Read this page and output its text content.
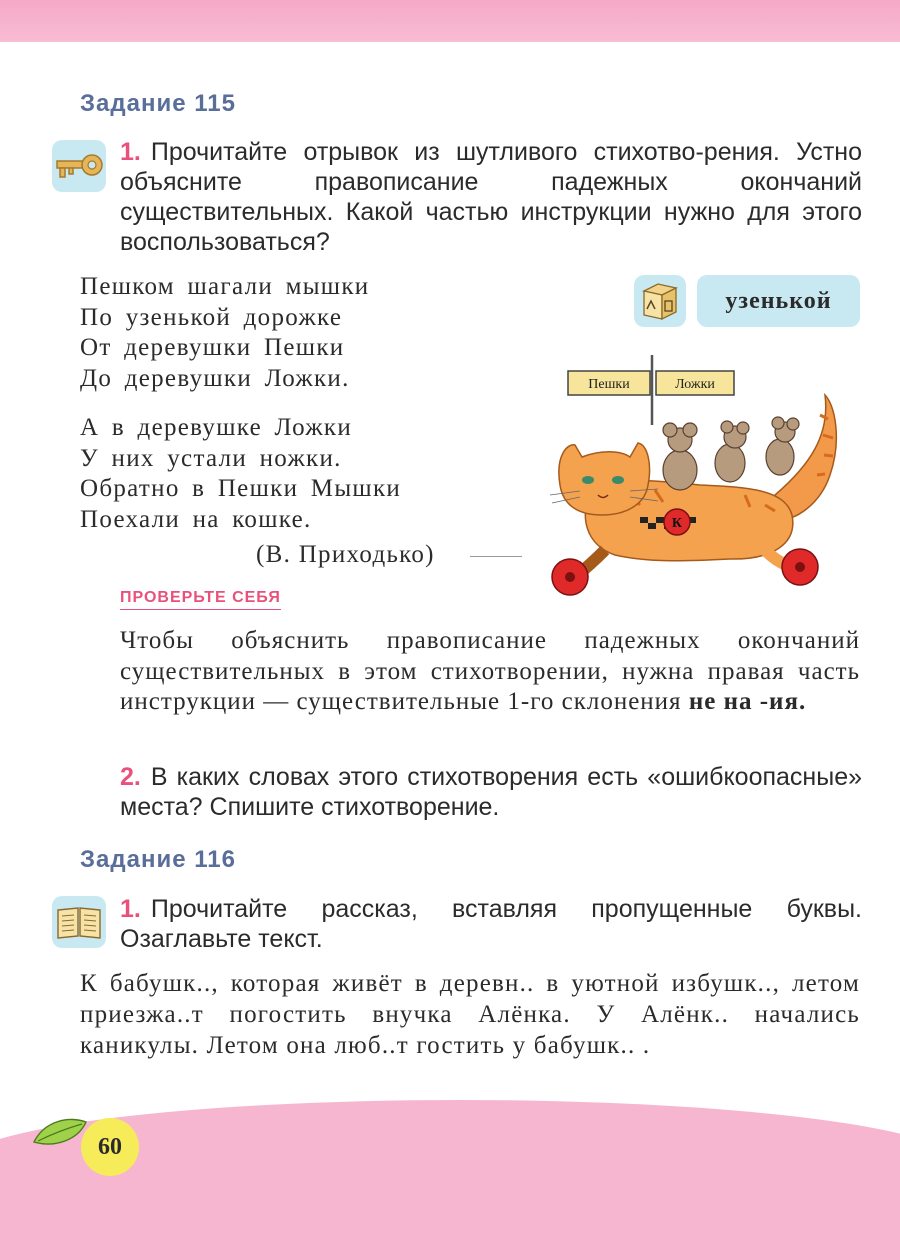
Задание 115
1. Прочитайте отрывок из шутливого стихотво-рения. Устно объясните правописание падежных окончаний существительных. Какой частью инструкции нужно для этого воспользоваться?
Пешком шагали мышки
По узенькой дорожке
От деревушки Пешки
До деревушки Ложки.
А в деревушке Ложки
У них устали ножки.
Обратно в Пешки Мышки
Поехали на кошке.
(В. Приходько)
узенькой
Пешки	Ложки
К
ПРОВЕРЬТЕ СЕБЯ
Чтобы объяснить правописание падежных окончаний существительных в этом стихотворении, нужна правая часть инструкции — существительные 1-го склонения не на -ия.
2. В каких словах этого стихотворения есть «ошибкоопасные» места? Спишите стихотворение.
Задание 116
1. Прочитайте рассказ, вставляя пропущенные буквы. Озаглавьте текст.
К бабушк.., которая живёт в деревн.. в уютной избушк.., летом приезжа..т погостить внучка Алёнка. У Алёнк.. начались каникулы. Летом она люб..т гостить у бабушк.. .
60
